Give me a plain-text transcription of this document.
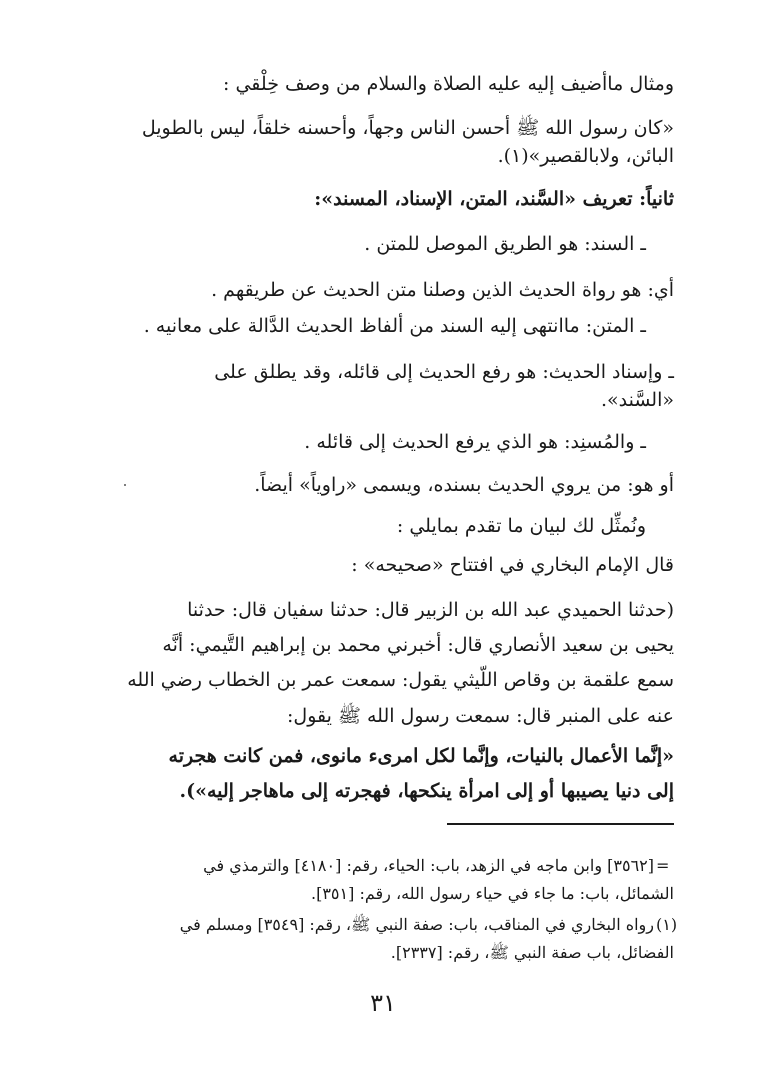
ومثال ماأضيف إليه عليه الصلاة والسلام من وصف خِلْقي :
«كان رسول الله ﷺ أحسن الناس وجهاً، وأحسنه خلقاً، ليس بالطويل
البائن، ولابالقصير»(١).
ثانياً: تعريف «السَّند، المتن، الإسناد، المسند»:
ـ السند: هو الطريق الموصل للمتن .
أي: هو رواة الحديث الذين وصلنا متن الحديث عن طريقهم .
ـ المتن: ماانتهى إليه السند من ألفاظ الحديث الدَّالة على معانيه .
ـ وإسناد الحديث: هو رفع الحديث إلى قائله، وقد يطلق على
«السَّند».
ـ والمُسنِد: هو الذي يرفع الحديث إلى قائله .
أو هو: من يروي الحديث بسنده، ويسمى «راوياً» أيضاً.
ونُمثِّل لك لبيان ما تقدم بمايلي :
قال الإمام البخاري في افتتاح «صحيحه» :
(حدثنا الحميدي عبد الله بن الزبير قال: حدثنا سفيان قال: حدثنا
يحيى بن سعيد الأنصاري قال: أخبرني محمد بن إبراهيم التَّيمي: أنَّه
سمع علقمة بن وقاص اللّيثي يقول: سمعت عمر بن الخطاب رضي الله
عنه على المنبر قال: سمعت رسول الله ﷺ يقول:
«إنَّما الأعمال بالنيات، وإنَّما لكل امرىء مانوى، فمن كانت هجرته
إلى دنيا يصيبها أو إلى امرأة ينكحها، فهجرته إلى ماهاجر إليه»).
=
[٣٥٦٢] وابن ماجه في الزهد، باب: الحياء، رقم: [٤١٨٠] والترمذي في
الشمائل، باب: ما جاء في حياء رسول الله، رقم: [٣٥١].
(١)
رواه البخاري في المناقب، باب: صفة النبي ﷺ، رقم: [٣٥٤٩] ومسلم في
الفضائل، باب صفة النبي ﷺ، رقم: [٢٣٣٧].
٣١
